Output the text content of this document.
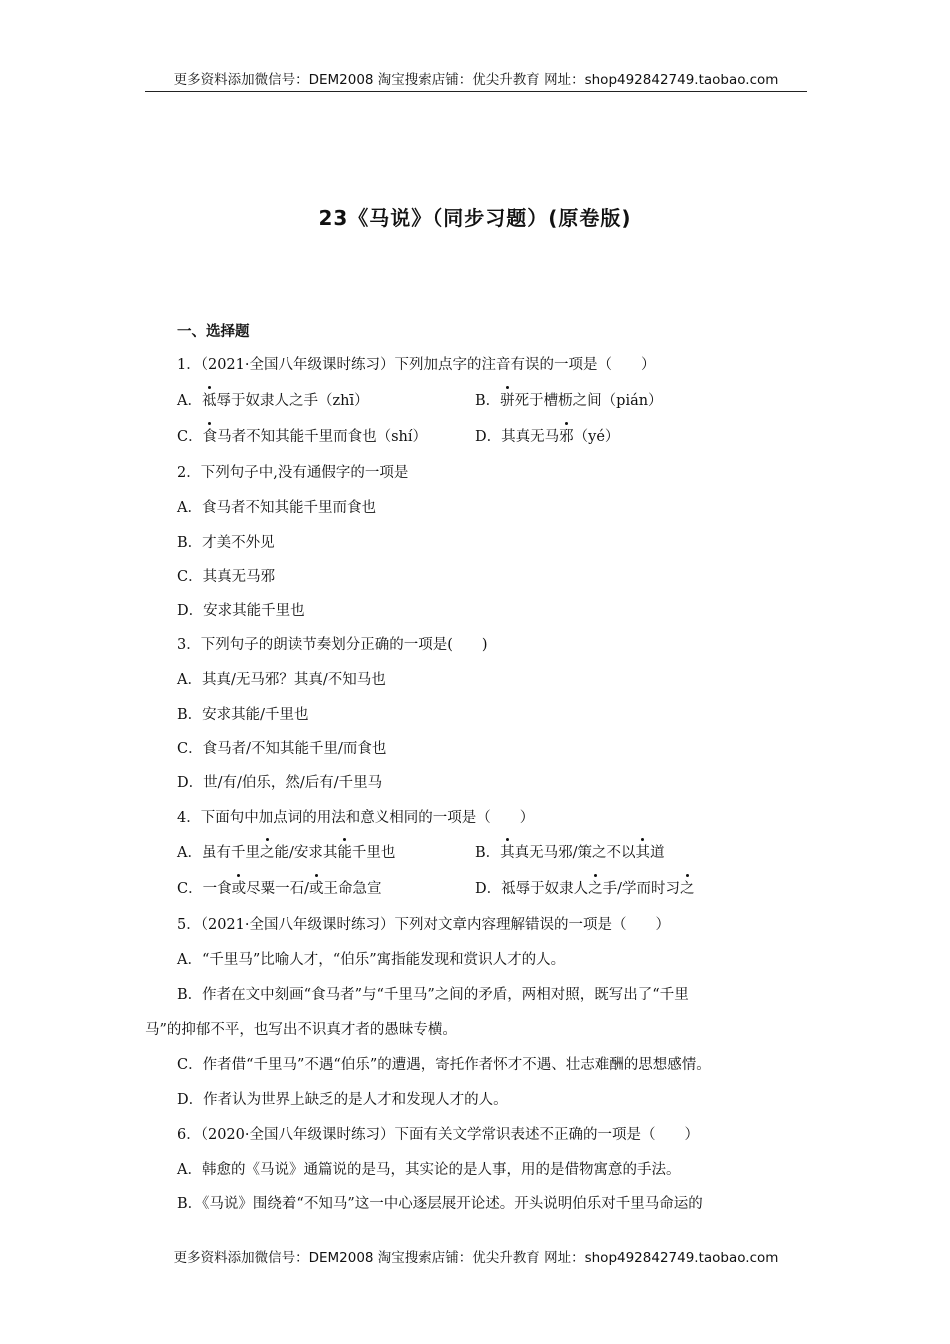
更多资料添加微信号：DEM2008 淘宝搜索店铺：优尖升教育 网址：shop492842749.taobao.com
23《马说》（同步习题）(原卷版)
一、选择题
1．（2021·全国八年级课时练习）下列加点字的注音有误的一项是（　　）
A．祗辱于奴隶人之手（zhī）	B．骈死于槽枥之间（pián）
C．食马者不知其能千里而食也（shí）	D．其真无马邪（yé）
2．下列句子中,没有通假字的一项是
A．食马者不知其能千里而食也
B．才美不外见
C．其真无马邪
D．安求其能千里也
3．下列句子的朗读节奏划分正确的一项是(　　)
A．其真/无马邪？其真/不知马也
B．安求其能/千里也
C．食马者/不知其能千里/而食也
D．世/有/伯乐，然/后有/千里马
4．下面句中加点词的用法和意义相同的一项是（　　）
A．虽有千里之能/安求其能千里也	B．其真无马邪/策之不以其道
C．一食或尽粟一石/或王命急宣	D．祗辱于奴隶人之手/学而时习之
5．（2021·全国八年级课时练习）下列对文章内容理解错误的一项是（　　）
A．“千里马”比喻人才，“伯乐”寓指能发现和赏识人才的人。
B．作者在文中刻画“食马者”与“千里马”之间的矛盾，两相对照，既写出了“千里
马”的抑郁不平，也写出不识真才者的愚昧专横。
C．作者借“千里马”不遇“伯乐”的遭遇，寄托作者怀才不遇、壮志难酬的思想感情。
D．作者认为世界上缺乏的是人才和发现人才的人。
6．（2020·全国八年级课时练习）下面有关文学常识表述不正确的一项是（　　）
A．韩愈的《马说》通篇说的是马，其实论的是人事，用的是借物寓意的手法。
B．《马说》围绕着“不知马”这一中心逐层展开论述。开头说明伯乐对千里马命运的
更多资料添加微信号：DEM2008 淘宝搜索店铺：优尖升教育 网址：shop492842749.taobao.com
